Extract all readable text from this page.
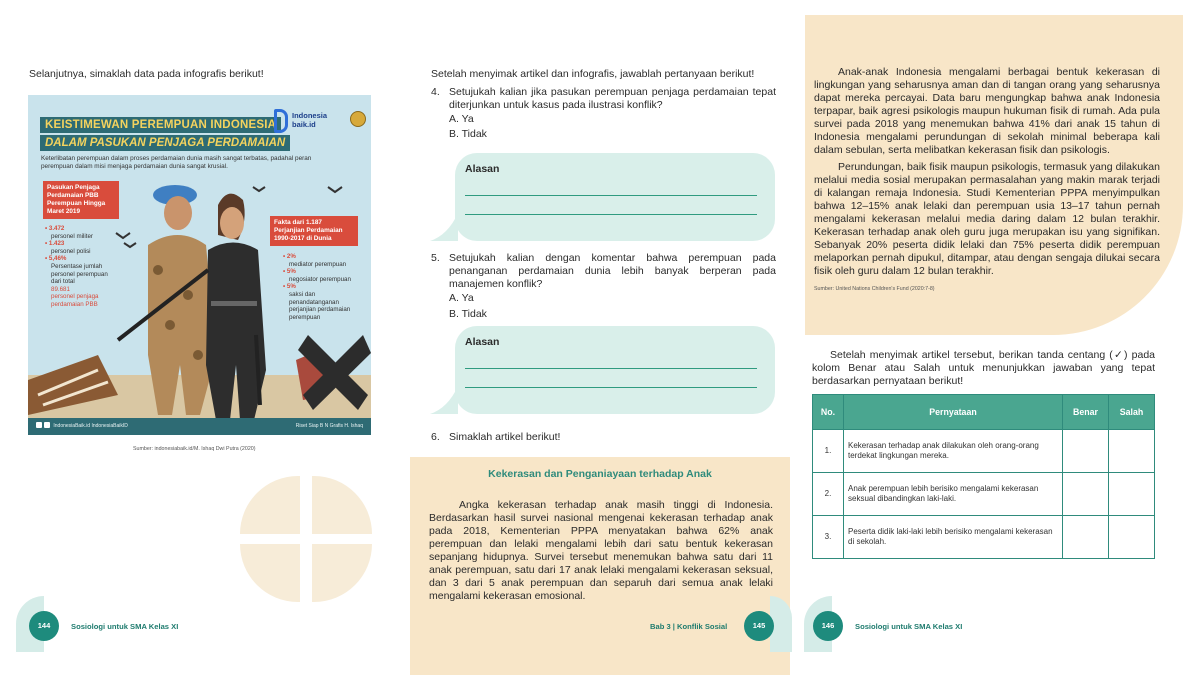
Selanjutnya, simaklah data pada infografis berikut!
KEISTIMEWAN PEREMPUAN INDONESIA
DALAM PASUKAN PENJAGA PERDAMAIAN
Indonesia baik.id
Keterlibatan perempuan dalam proses perdamaian dunia masih sangat terbatas, padahal peran perempuan dalam misi menjaga perdamaian dunia sangat krusial.
Pasukan Penjaga Perdamaian PBB Perempuan Hingga Maret 2019
• 3.472
personel militer
• 1.423
personel polisi
• 5,46%
Persentase jumlah personel perempuan dari total
89.681
personel penjaga perdamaian PBB
Fakta dari 1.187 Perjanjian Perdamaian 1990-2017 di Dunia
• 2%
mediator perempuan
• 5%
negosiator perempuan
• 5%
saksi dan penandatanganan perjanjian perdamaian perempuan
IndonesiaBaik.id IndonesiaBaikID	Riset Siap B N Grafis H. Ishaq
Sumber: indonesiabaik.id/M. Ishaq Dwi Putra (2020)
144	Sosiologi untuk SMA Kelas XI
Setelah menyimak artikel dan infografis, jawablah pertanyaan berikut!
4. Setujukah kalian jika pasukan perempuan penjaga perdamaian tepat diterjunkan untuk kasus pada ilustrasi konflik?
A. Ya
B. Tidak
Alasan
5. Setujukah kalian dengan komentar bahwa perempuan pada penanganan perdamaian dunia lebih banyak berperan pada manajemen konflik?
A. Ya
B. Tidak
Alasan
6. Simaklah artikel berikut!
Kekerasan dan Penganiayaan terhadap Anak
Angka kekerasan terhadap anak masih tinggi di Indonesia. Berdasarkan hasil survei nasional mengenai kekerasan terhadap anak pada 2018, Kementerian PPPA menyatakan bahwa 62% anak perempuan dan lelaki mengalami lebih dari satu bentuk kekerasan sepanjang hidupnya. Survei tersebut menemukan bahwa satu dari 11 anak perempuan, satu dari 17 anak lelaki mengalami kekerasan seksual, dan 3 dari 5 anak perempuan dan separuh dari semua anak lelaki mengalami kekerasan emosional.
Bab 3 | Konflik Sosial	145
Anak-anak Indonesia mengalami berbagai bentuk kekerasan di lingkungan yang seharusnya aman dan di tangan orang yang seharusnya dapat mereka percayai. Data baru mengungkap bahwa anak Indonesia terpapar, baik agresi psikologis maupun hukuman fisik di rumah. Ada pula survei pada 2018 yang menemukan bahwa 41% dari anak 15 tahun di Indonesia mengalami perundungan di sekolah minimal beberapa kali dalam sebulan, serta melibatkan kekerasan fisik dan psikologis.
Perundungan, baik fisik maupun psikologis, termasuk yang dilakukan melalui media sosial merupakan permasalahan yang makin marak terjadi di kalangan remaja Indonesia. Studi Kementerian PPPA menyimpulkan bahwa 12–15% anak lelaki dan perempuan usia 13–17 tahun pernah mengalami kekerasan melalui media daring dalam 12 bulan terakhir. Kekerasan terhadap anak oleh guru juga merupakan isu yang signifikan. Sebanyak 20% peserta didik lelaki dan 75% peserta didik perempuan melaporkan pernah dipukul, ditampar, atau dengan sengaja dilukai secara fisik oleh guru dalam 12 bulan terakhir.
Sumber: United Nations Children's Fund (2020:7-8)
Setelah menyimak artikel tersebut, berikan tanda centang (✓) pada kolom Benar atau Salah untuk menunjukkan jawaban yang tepat berdasarkan pernyataan berikut!
No.	Pernyataan	Benar	Salah
1.	Kekerasan terhadap anak dilakukan oleh orang-orang terdekat lingkungan mereka.		
2.	Anak perempuan lebih berisiko mengalami kekerasan seksual dibandingkan laki-laki.		
3.	Peserta didik laki-laki lebih berisiko mengalami kekerasan di sekolah.		
146	Sosiologi untuk SMA Kelas XI
